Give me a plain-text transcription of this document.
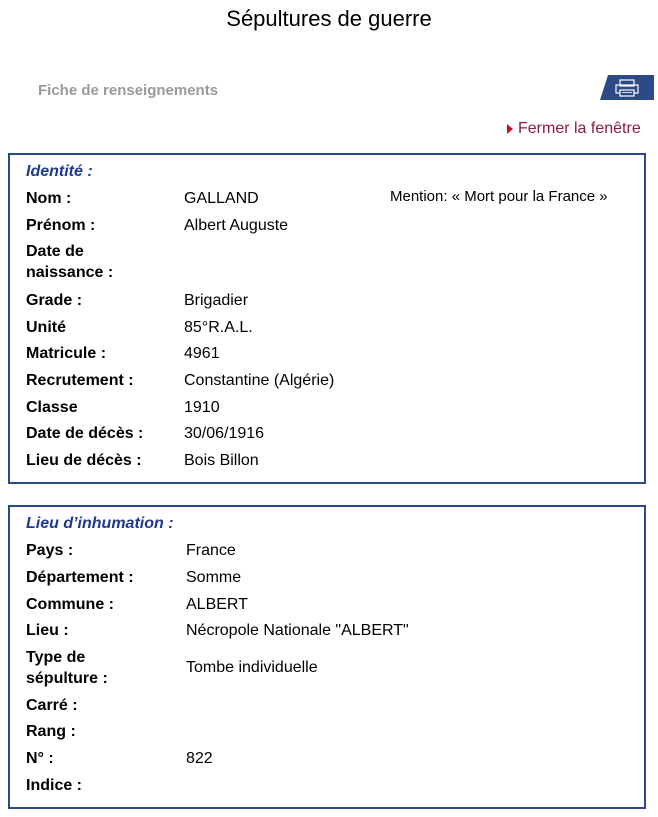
Sépultures de guerre
Fiche de renseignements
Fermer la fenêtre
Identité :
Mention: « Mort pour la France »
Nom :	GALLAND
Prénom :	Albert Auguste
Date de naissance :
Grade :	Brigadier
Unité	85°R.A.L.
Matricule :	4961
Recrutement :	Constantine (Algérie)
Classe	1910
Date de décès :	30/06/1916
Lieu de décès :	Bois Billon
Lieu d’inhumation :
Pays :	France
Département :	Somme
Commune :	ALBERT
Lieu :	Nécropole Nationale "ALBERT"
Type de sépulture :
Tombe individuelle
Carré :
Rang :
N° :	822
Indice :
